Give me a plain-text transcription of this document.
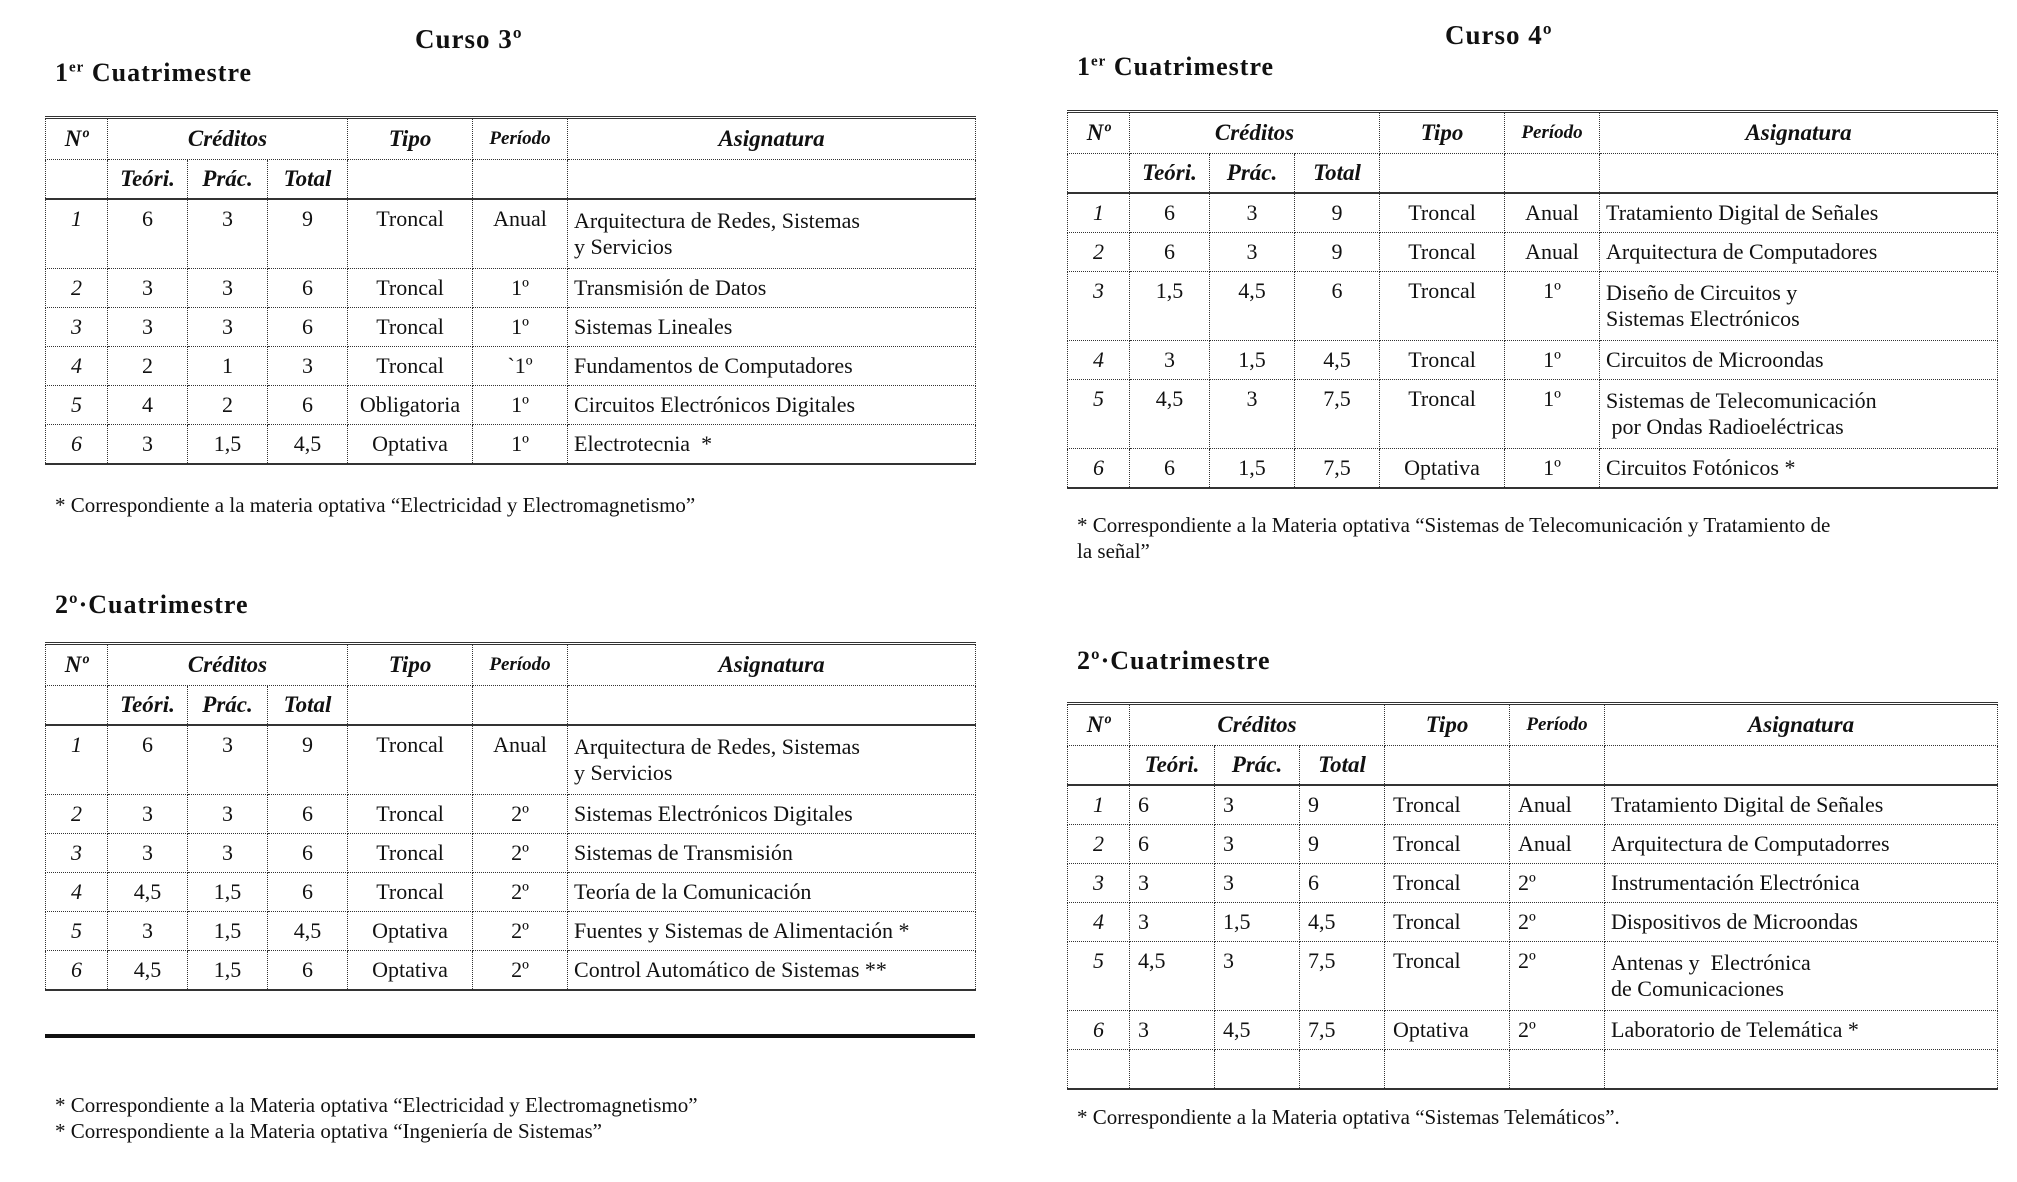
Curso 3º
1er Cuatrimestre
Nº	Créditos			Tipo	Período	Asignatura
	Teóri.	Prác.	Total			
1	6	3	9	Troncal	Anual	Arquitectura de Redes, Sistemas
y Servicios

2	3	3	6	Troncal	1º	Transmisión de Datos

3	3	3	6	Troncal	1º	Sistemas Lineales

4	2	1	3	Troncal	`1º	Fundamentos de Computadores

5	4	2	6	Obligatoria	1º	Circuitos Electrónicos Digitales

6	3	1,5	4,5	Optativa	1º	Electrotecnia  *
* Correspondiente a la materia optativa “Electricidad y Electromagnetismo”
2º·Cuatrimestre
Nº	Créditos			Tipo	Período	Asignatura
	Teóri.	Prác.	Total			
1	6	3	9	Troncal	Anual	Arquitectura de Redes, Sistemas
y Servicios

2	3	3	6	Troncal	2º	Sistemas Electrónicos Digitales

3	3	3	6	Troncal	2º	Sistemas de Transmisión

4	4,5	1,5	6	Troncal	2º	Teoría de la Comunicación

5	3	1,5	4,5	Optativa	2º	Fuentes y Sistemas de Alimentación *

6	4,5	1,5	6	Optativa	2º	Control Automático de Sistemas **
* Correspondiente a la Materia optativa “Electricidad y Electromagnetismo”
* Correspondiente a la Materia optativa “Ingeniería de Sistemas”
Curso 4º
1er Cuatrimestre
Nº	Créditos			Tipo	Período	Asignatura
	Teóri.	Prác.	Total			
1	6	3	9	Troncal	Anual	Tratamiento Digital de Señales

2	6	3	9	Troncal	Anual	Arquitectura de Computadores

3	1,5	4,5	6	Troncal	1º	Diseño de Circuitos y
Sistemas Electrónicos

4	3	1,5	4,5	Troncal	1º	Circuitos de Microondas

5	4,5	3	7,5	Troncal	1º	Sistemas de Telecomunicación
por Ondas Radioeléctricas

6	6	1,5	7,5	Optativa	1º	Circuitos Fotónicos *
* Correspondiente a la Materia optativa “Sistemas de Telecomunicación y Tratamiento de
la señal”
2º·Cuatrimestre
Nº	Créditos			Tipo	Período	Asignatura
	Teóri.	Prác.	Total			
1	6	3	9	Troncal	Anual	Tratamiento Digital de Señales

2	6	3	9	Troncal	Anual	Arquitectura de Computadorres

3	3	3	6	Troncal	2º	Instrumentación Electrónica

4	3	1,5	4,5	Troncal	2º	Dispositivos de Microondas

5	4,5	3	7,5	Troncal	2º	Antenas y  Electrónica
de Comunicaciones

6	3	4,5	7,5	Optativa	2º	Laboratorio de Telemática *

* Correspondiente a la Materia optativa “Sistemas Telemáticos”.
